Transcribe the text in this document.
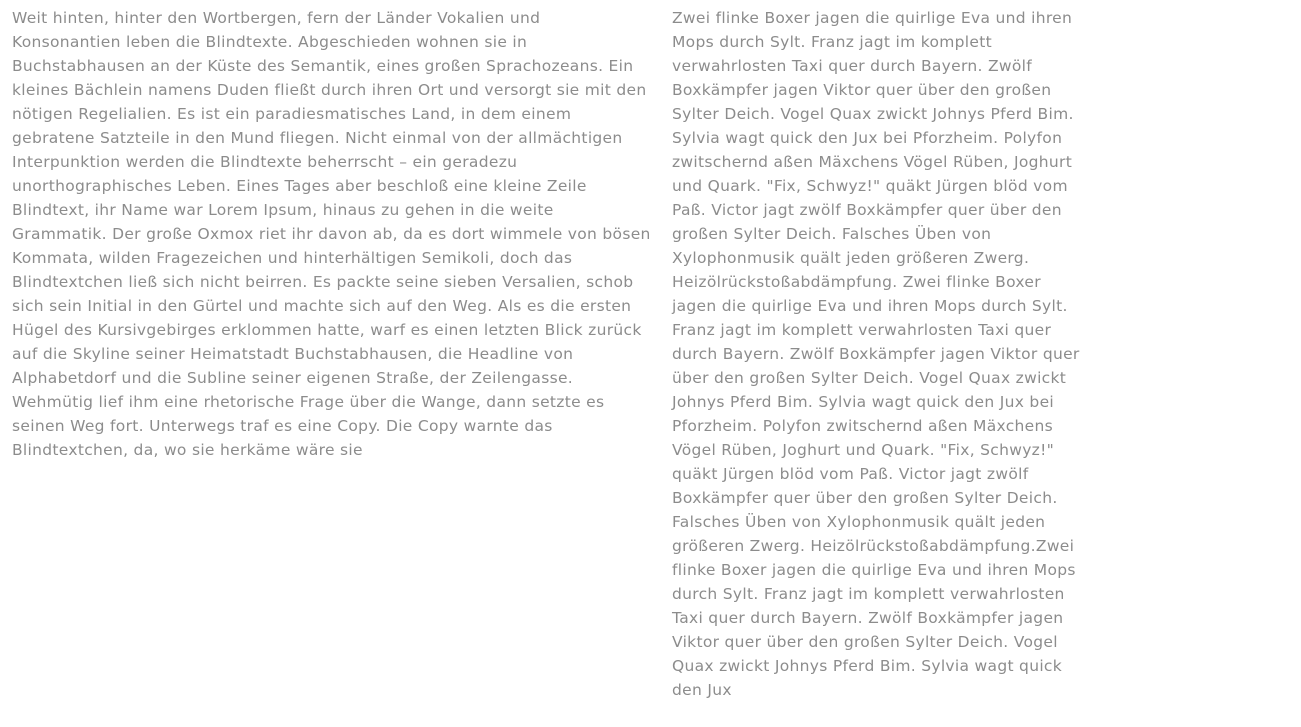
Weit hinten, hinter den Wortbergen, fern der Länder Vokalien und Konsonantien leben die Blindtexte. Abgeschieden wohnen sie in Buchstabhausen an der Küste des Semantik, eines großen Sprachozeans. Ein kleines Bächlein namens Duden fließt durch ihren Ort und versorgt sie mit den nötigen Regelialien. Es ist ein paradiesmatisches Land, in dem einem gebratene Satzteile in den Mund fliegen. Nicht einmal von der allmächtigen Interpunktion werden die Blindtexte beherrscht – ein geradezu unorthographisches Leben. Eines Tages aber beschloß eine kleine Zeile Blindtext, ihr Name war Lorem Ipsum, hinaus zu gehen in die weite Grammatik. Der große Oxmox riet ihr davon ab, da es dort wimmele von bösen Kommata, wilden Fragezeichen und hinterhältigen Semikoli, doch das Blindtextchen ließ sich nicht beirren. Es packte seine sieben Versalien, schob sich sein Initial in den Gürtel und machte sich auf den Weg. Als es die ersten Hügel des Kursivgebirges erklommen hatte, warf es einen letzten Blick zurück auf die Skyline seiner Heimatstadt Buchstabhausen, die Headline von Alphabetdorf und die Subline seiner eigenen Straße, der Zeilengasse. Wehmütig lief ihm eine rhetorische Frage über die Wange, dann setzte es seinen Weg fort. Unterwegs traf es eine Copy. Die Copy warnte das Blindtextchen, da, wo sie herkäme wäre sie

Zwei flinke Boxer jagen die quirlige Eva und ihren Mops durch Sylt. Franz jagt im komplett verwahrlosten Taxi quer durch Bayern. Zwölf Boxkämpfer jagen Viktor quer über den großen Sylter Deich. Vogel Quax zwickt Johnys Pferd Bim. Sylvia wagt quick den Jux bei Pforzheim. Polyfon zwitschernd aßen Mäxchens Vögel Rüben, Joghurt und Quark. "Fix, Schwyz!" quäkt Jürgen blöd vom Paß. Victor jagt zwölf Boxkämpfer quer über den großen Sylter Deich. Falsches Üben von Xylophonmusik quält jeden größeren Zwerg. Heizölrückstoßabdämpfung. Zwei flinke Boxer jagen die quirlige Eva und ihren Mops durch Sylt. Franz jagt im komplett verwahrlosten Taxi quer durch Bayern. Zwölf Boxkämpfer jagen Viktor quer über den großen Sylter Deich. Vogel Quax zwickt Johnys Pferd Bim. Sylvia wagt quick den Jux bei Pforzheim. Polyfon zwitschernd aßen Mäxchens Vögel Rüben, Joghurt und Quark. "Fix, Schwyz!" quäkt Jürgen blöd vom Paß. Victor jagt zwölf Boxkämpfer quer über den großen Sylter Deich. Falsches Üben von Xylophonmusik quält jeden größeren Zwerg. Heizölrückstoßabdämpfung.Zwei flinke Boxer jagen die quirlige Eva und ihren Mops durch Sylt. Franz jagt im komplett verwahrlosten Taxi quer durch Bayern. Zwölf Boxkämpfer jagen Viktor quer über den großen Sylter Deich. Vogel Quax zwickt Johnys Pferd Bim. Sylvia wagt quick den Jux
